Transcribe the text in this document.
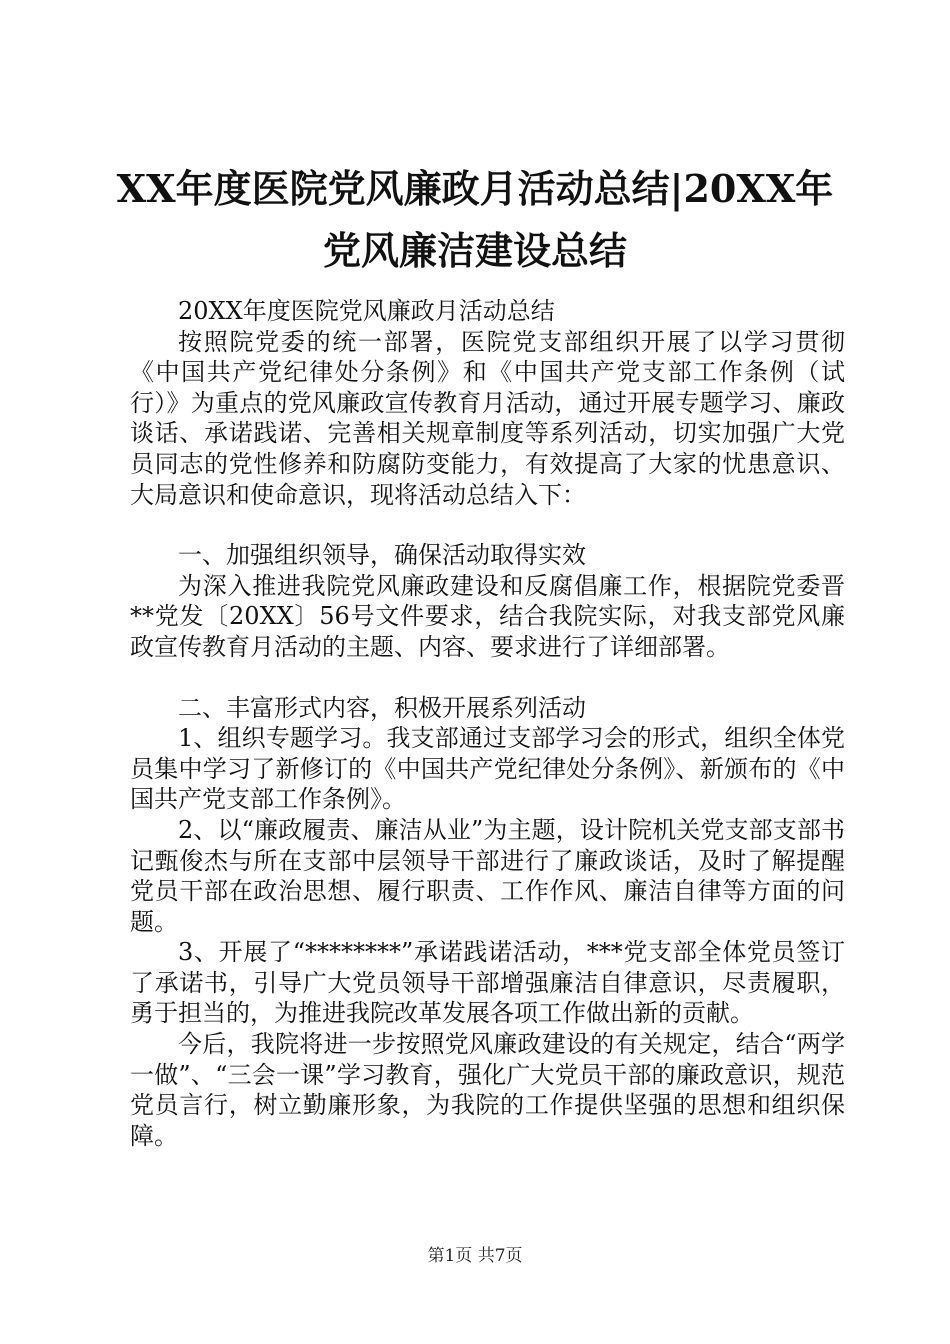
XX年度医院党风廉政月活动总结|20XX年党风廉洁建设总结

20XX年度医院党风廉政月活动总结

按照院党委的统一部署，医院党支部组织开展了以学习贯彻《中国共产党纪律处分条例》和《中国共产党支部工作条例（试行）》为重点的党风廉政宣传教育月活动，通过开展专题学习、廉政谈话、承诺践诺、完善相关规章制度等系列活动，切实加强广大党员同志的党性修养和防腐防变能力，有效提高了大家的忧患意识、大局意识和使命意识，现将活动总结入下：

一、加强组织领导，确保活动取得实效

为深入推进我院党风廉政建设和反腐倡廉工作，根据院党委晋**党发〔20XX〕56号文件要求，结合我院实际，对我支部党风廉政宣传教育月活动的主题、内容、要求进行了详细部署。

二、丰富形式内容，积极开展系列活动

1、组织专题学习。我支部通过支部学习会的形式，组织全体党员集中学习了新修订的《中国共产党纪律处分条例》、新颁布的《中国共产党支部工作条例》。

2、以“廉政履责、廉洁从业”为主题，设计院机关党支部支部书记甄俊杰与所在支部中层领导干部进行了廉政谈话，及时了解提醒党员干部在政治思想、履行职责、工作作风、廉洁自律等方面的问题。

3、开展了“********”承诺践诺活动，***党支部全体党员签订了承诺书，引导广大党员领导干部增强廉洁自律意识，尽责履职，勇于担当的，为推进我院改革发展各项工作做出新的贡献。

今后，我院将进一步按照党风廉政建设的有关规定，结合“两学一做”、“三会一课”学习教育，强化广大党员干部的廉政意识，规范党员言行，树立勤廉形象，为我院的工作提供坚强的思想和组织保障。

第1页 共7页
